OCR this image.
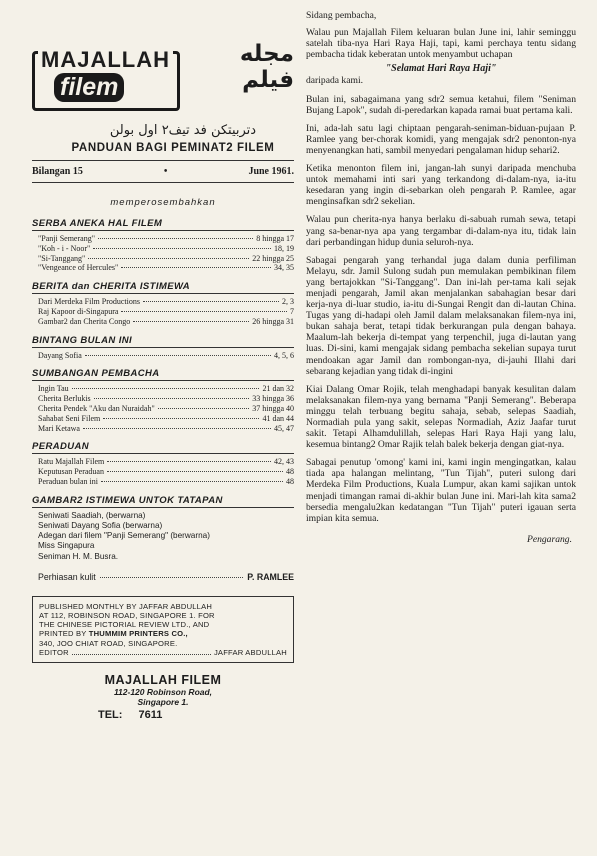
MAJALLAH
filem
مجله
فيلم
دتربيتكن فد تيف٢ اول بولن
PANDUAN BAGI PEMINAT2 FILEM
Bilangan 15	•	June 1961.
memperosembahkan
SERBA ANEKA HAL FILEM
"Panji Semerang"	8 hingga 17
"Koh - i - Noor"	18, 19
"Si-Tanggang"	22 hingga 25
"Vengeance of Hercules"	34, 35
BERITA dan CHERITA ISTIMEWA
Dari Merdeka Film Productions	2, 3
Raj Kapoor di-Singapura	7
Gambar2 dan Cherita Congo	26 hingga 31
BINTANG BULAN INI
Dayang Sofia	4, 5, 6
SUMBANGAN PEMBACHA
Ingin Tau	21 dan 32
Cherita Berlukis	33 hingga 36
Cherita Pendek "Aku dan Nuraidah"	37 hingga 40
Sahabat Seni Filem	41 dan 44
Mari Ketawa	45, 47
PERADUAN
Ratu Majallah Filem	42, 43
Keputusan Peraduan	48
Peraduan bulan ini	48
GAMBAR2 ISTIMEWA UNTOK TATAPAN
Seniwati Saadiah, (berwarna)
Seniwati Dayang Sofia (berwarna)
Adegan dari filem "Panji Semerang" (berwarna)
Miss Singapura
Seniman H. M. Busra.
Perhiasan kulit	P. RAMLEE
PUBLISHED MONTHLY BY JAFFAR ABDULLAH
AT 112, ROBINSON ROAD, SINGAPORE 1. FOR
THE CHINESE PICTORIAL REVIEW LTD., AND
PRINTED BY THUMMIM PRINTERS CO.,
340, JOO CHIAT ROAD, SINGAPORE.
EDITOR	JAFFAR ABDULLAH
MAJALLAH FILEM
112-120 Robinson Road,
Singapore 1.
TEL: 7611

Sidang pembacha,

Walau pun Majallah Filem keluaran bulan June ini, lahir seminggu satelah tiba-nya Hari Raya Haji, tapi, kami perchaya tentu sidang pembacha tidak keberatan untok menyambut uchapan

"Selamat Hari Raya Haji"

daripada kami.

Bulan ini, sabagaimana yang sdr2 semua ketahui, filem "Seniman Bujang Lapok", sudah di-peredarkan kapada ramai buat pertama kali.

Ini, ada-lah satu lagi chiptaan pengarah-seniman-biduan-pujaan P. Ramlee yang ber-chorak komidi, yang mengajak sdr2 penonton-nya menyenangkan hati, sambil menyedari pengalaman hidup sehari2.

Ketika menonton filem ini, jangan-lah sunyi daripada menchuba untok memahami inti sari yang terkandong di-dalam-nya, ia-itu kesedaran yang ingin di-sebarkan oleh pengarah P. Ramlee, agar menginsafkan sdr2 sekelian.

Walau pun cherita-nya hanya berlaku di-sabuah rumah sewa, tetapi yang sa-benar-nya apa yang tergambar di-dalam-nya itu, tidak lain dari perbandingan hidup dunia seluroh-nya.

Sabagai pengarah yang terhandal juga dalam dunia perfiliman Melayu, sdr. Jamil Sulong sudah pun memulakan pembikinan filem yang bertajokkan "Si-Tanggang". Dan ini-lah per-tama kali sejak menjadi pengarah, Jamil akan menjalankan sabahagian besar dari kerja-nya di-luar studio, ia-itu di-Sungai Rengit dan di-lautan China. Tugas yang di-hadapi oleh Jamil dalam melaksanakan filem-nya ini, bukan sahaja berat, tetapi tidak berkurangan pula dengan bahaya. Maalum-lah bekerja di-tempat yang terpenchil, juga di-lautan yang luas. Di-sini, kami mengajak sidang pembacha sekelian supaya turut mendoakan agar Jamil dan rombongan-nya, di-jauhi Illahi dari sebarang kejadian yang tidak di-ingini

Kiai Dalang Omar Rojik, telah menghadapi banyak kesulitan dalam melaksanakan filem-nya yang bernama "Panji Semerang". Beberapa minggu telah terbuang begitu sahaja, sebab, selepas Saadiah, Normadiah pula yang sakit, selepas Normadiah, Aziz Jaafar turut sakit. Tetapi Alhamdulillah, selepas Hari Raya Haji yang lalu, kesemua bintang2 Omar Rajik telah balek bekerja dengan giat-nya.

Sabagai penutup 'omong' kami ini, kami ingin mengingatkan, kalau tiada apa halangan melintang, "Tun Tijah", puteri sulong dari Merdeka Film Productions, Kuala Lumpur, akan kami sajikan untok menjadi timangan ramai di-akhir bulan June ini. Mari-lah kita sama2 bersedia mengalu2kan kedatangan "Tun Tijah" puteri igauan serta impian kita semua.

Pengarang.
